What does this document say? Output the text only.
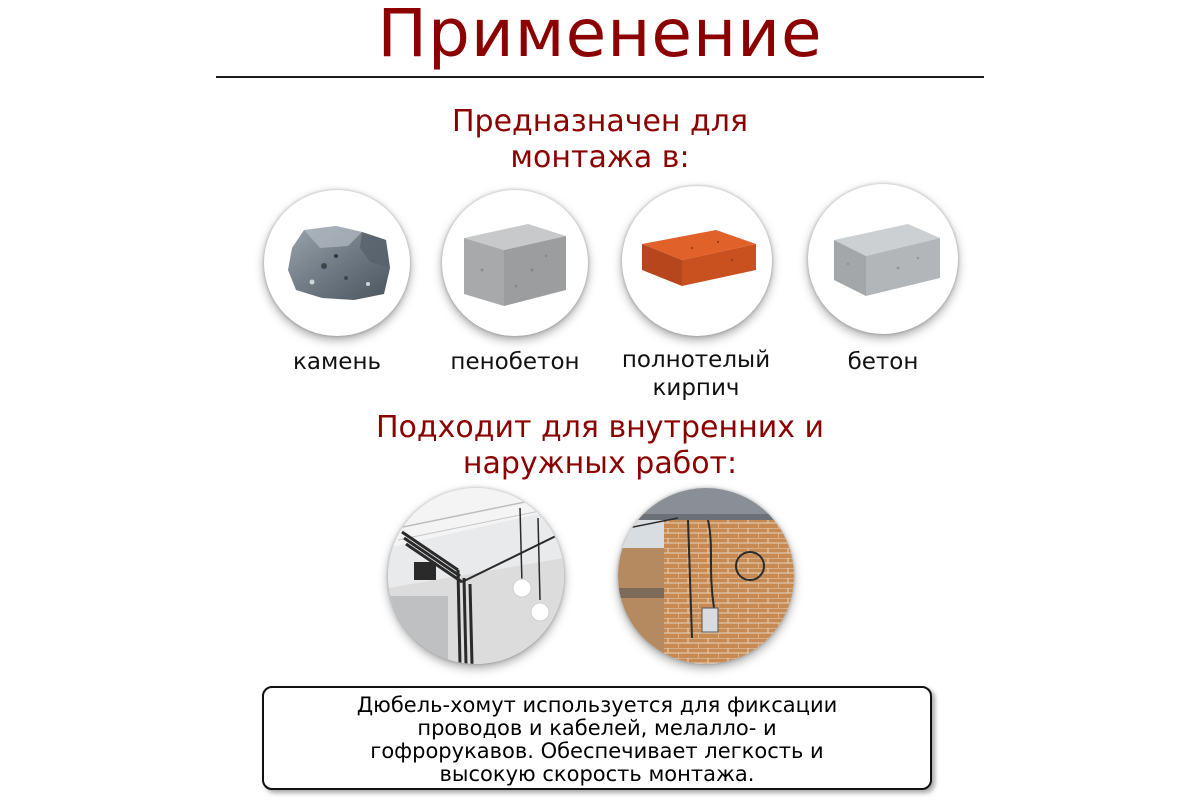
Применение
Предназначен для
монтажа в:
камень	пенобетон	полнотелый
кирпич
бетон
Подходит для внутренних и
наружных работ:
Дюбель-хомут используется для фиксации
проводов и кабелей, мелалло- и
гофрорукавов. Обеспечивает легкость и
высокую скорость монтажа.
